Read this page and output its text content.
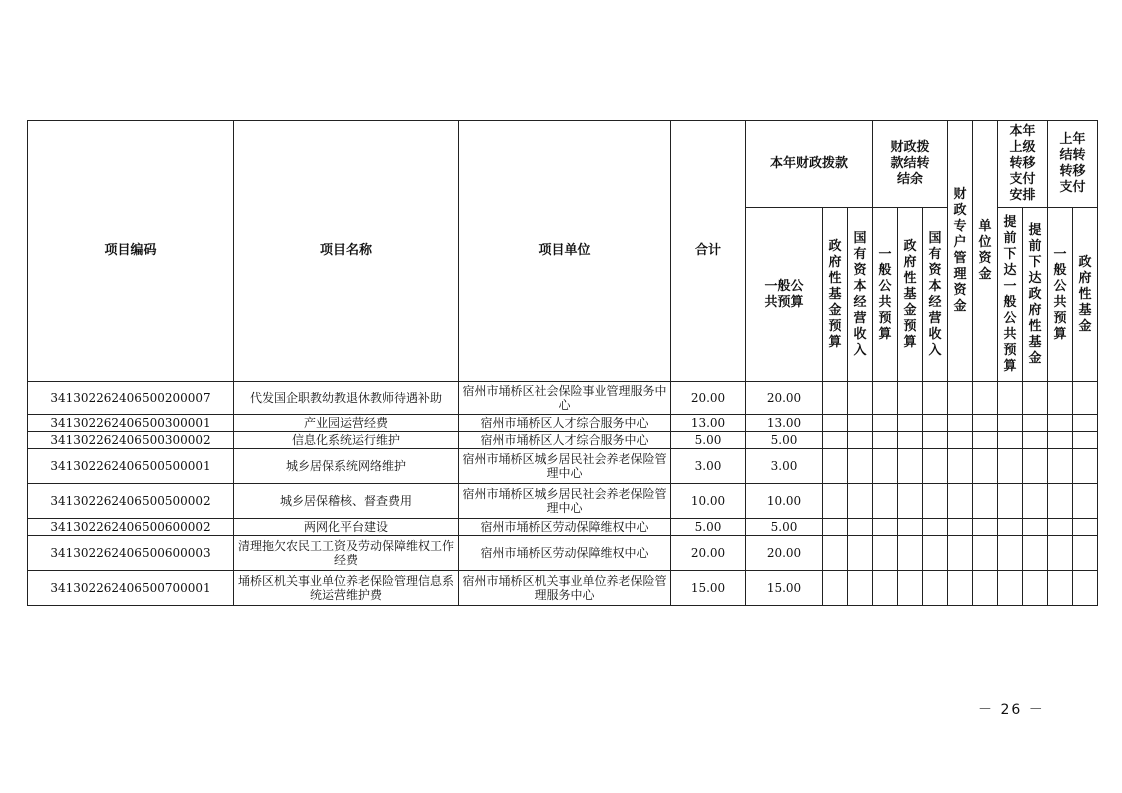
项目编码	项目名称	项目单位	合计	本年财政拨款			财政拨款结转结余			财政专户管理资金	单位资金	本年上级转移支付安排		上年结转转移支付	

				一般公共预算	政府性基金预算	国有资本经营收入	一般公共预算	政府性基金预算	国有资本经营收入			提前下达一般公共预算	提前下达政府性基金	一般公共预算	政府性基金

341302262406500200007	代发国企职教幼教退休教师待遇补助	宿州市埇桥区社会保险事业管理服务中心	20.00	20.00											
341302262406500300001	产业园运营经费	宿州市埇桥区人才综合服务中心	13.00	13.00											
341302262406500300002	信息化系统运行维护	宿州市埇桥区人才综合服务中心	5.00	5.00											
341302262406500500001	城乡居保系统网络维护	宿州市埇桥区城乡居民社会养老保险管理中心	3.00	3.00											
341302262406500500002	城乡居保稽核、督查费用	宿州市埇桥区城乡居民社会养老保险管理中心	10.00	10.00											
341302262406500600002	两网化平台建设	宿州市埇桥区劳动保障维权中心	5.00	5.00											
341302262406500600003	清理拖欠农民工工资及劳动保障维权工作经费	宿州市埇桥区劳动保障维权中心	20.00	20.00											
341302262406500700001	埇桥区机关事业单位养老保险管理信息系统运营维护费	宿州市埇桥区机关事业单位养老保险管理服务中心	15.00	15.00											
－ 26 －
